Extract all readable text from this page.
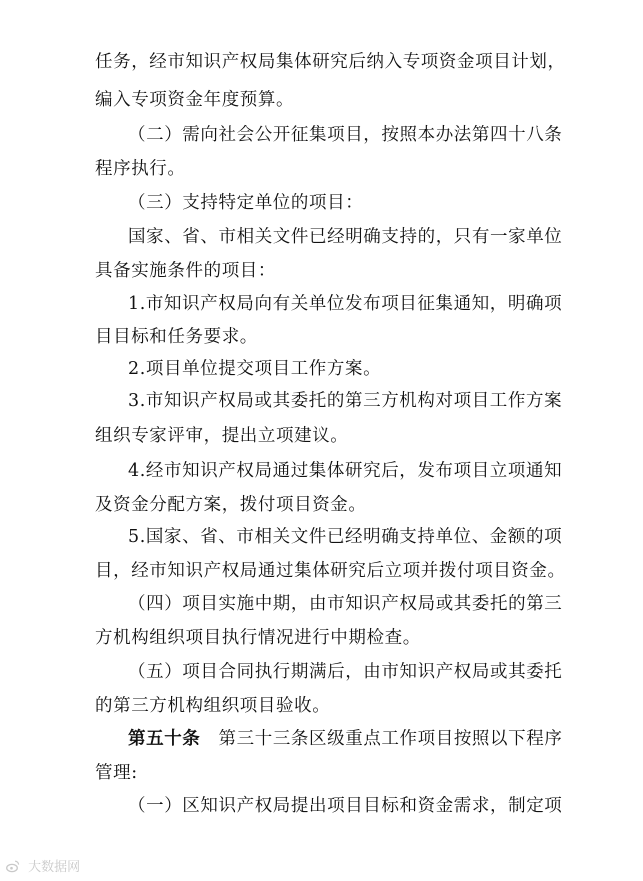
任务，经市知识产权局集体研究后纳入专项资金项目计划，
编入专项资金年度预算。
（二）需向社会公开征集项目，按照本办法第四十八条
程序执行。
（三）支持特定单位的项目：
国家、省、市相关文件已经明确支持的，只有一家单位
具备实施条件的项目：
1.市知识产权局向有关单位发布项目征集通知，明确项
目目标和任务要求。
2.项目单位提交项目工作方案。
3.市知识产权局或其委托的第三方机构对项目工作方案
组织专家评审，提出立项建议。
4.经市知识产权局通过集体研究后，发布项目立项通知
及资金分配方案，拨付项目资金。
5.国家、省、市相关文件已经明确支持单位、金额的项
目，经市知识产权局通过集体研究后立项并拨付项目资金。
（四）项目实施中期，由市知识产权局或其委托的第三
方机构组织项目执行情况进行中期检查。
（五）项目合同执行期满后，由市知识产权局或其委托
的第三方机构组织项目验收。
第五十条　 第三十三条区级重点工作项目按照以下程序
管理:
（一）区知识产权局提出项目目标和资金需求，制定项
大数据网
